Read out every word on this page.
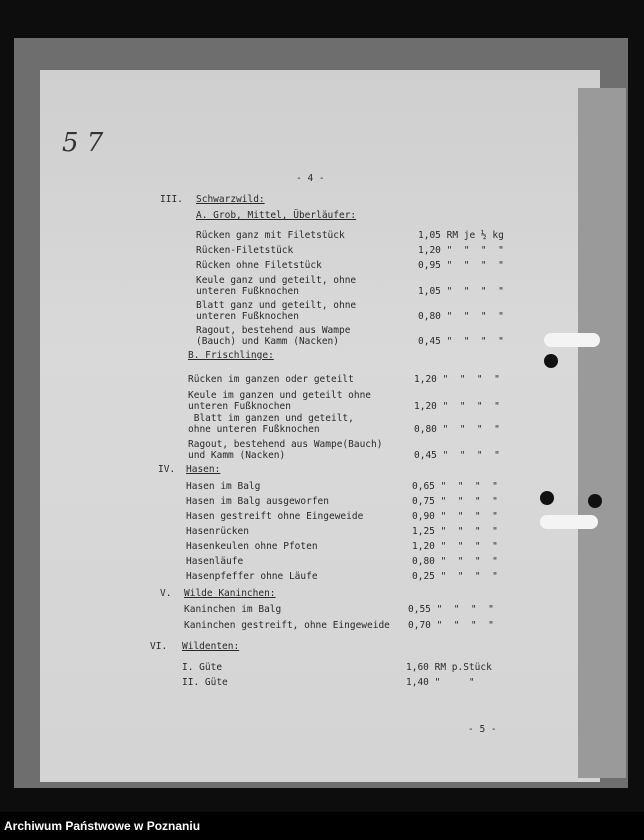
5 7
- 4 -
III. Schwarzwild:
A. Grob, Mittel, Überläufer:
Rücken ganz mit Filetstück	1,05 RM je ½ kg
Rücken-Filetstück	1,20 "  "  "  "
Rücken ohne Filetstück	0,95 "  "  "  "
Keule ganz und geteilt, ohne
unteren Fußknochen	1,05 "  "  "  "
Blatt ganz und geteilt, ohne
unteren Fußknochen	0,80 "  "  "  "
Ragout, bestehend aus Wampe
(Bauch) und Kamm (Nacken)	0,45 "  "  "  "
B. Frischlinge:
Rücken im ganzen oder geteilt	1,20 "  "  "  "
Keule im ganzen und geteilt ohne
unteren Fußknochen	1,20 "  "  "  "
Blatt im ganzen und geteilt,
ohne unteren Fußknochen	0,80 "  "  "  "
Ragout, bestehend aus Wampe(Bauch)
und Kamm (Nacken)	0,45 "  "  "  "
IV. Hasen:
Hasen im Balg	0,65 "  "  "  "
Hasen im Balg ausgeworfen	0,75 "  "  "  "
Hasen gestreift ohne Eingeweide	0,90 "  "  "  "
Hasenrücken	1,25 "  "  "  "
Hasenkeulen ohne Pfoten	1,20 "  "  "  "
Hasenläufe	0,80 "  "  "  "
Hasenpfeffer ohne Läufe	0,25 "  "  "  "
V. Wilde Kaninchen:
Kaninchen im Balg	0,55 "  "  "  "
Kaninchen gestreift, ohne Eingeweide 0,70 "  "  "  "
VI. Wildenten:
I. Güte	1,60 RM p.Stück
II. Güte	1,40 "     "
- 5 -
Archiwum Państwowe w Poznaniu
